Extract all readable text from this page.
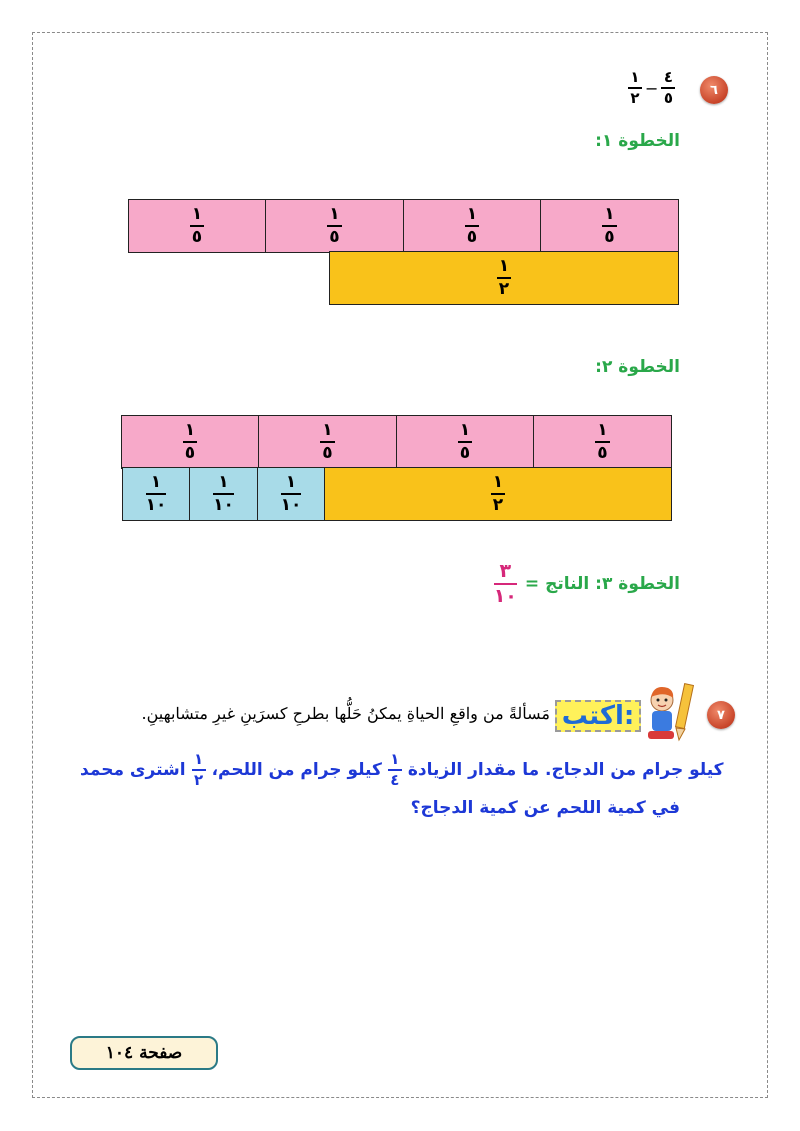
٦
$\frac{١}{٢} - \frac{٤}{٥}$
الخطوة ١:
$\frac{١}{٥}$
$\frac{١}{٥}$
$\frac{١}{٥}$
$\frac{١}{٥}$
$\frac{١}{٢}$
الخطوة ٢:
$\frac{١}{٥}$
$\frac{١}{٥}$
$\frac{١}{٥}$
$\frac{١}{٥}$
$\frac{١}{٢}$
$\frac{١}{١٠}$
$\frac{١}{١٠}$
$\frac{١}{١٠}$
الخطوة ٣: الناتج =
$\frac{٣}{١٠}$
٧
اكتب:
مَسألةً من واقعِ الحياةِ يمكنُ حَلُّها بطرحِ كسرَينِ غيرِ متشابهينِ.
اشترى محمد $\frac{١}{٢}$ كيلو جرام من اللحم، $\frac{١}{٤}$ كيلو جرام من الدجاج. ما مقدار الزيادة
في كمية اللحم عن كمية الدجاج؟
صفحة ١٠٤
